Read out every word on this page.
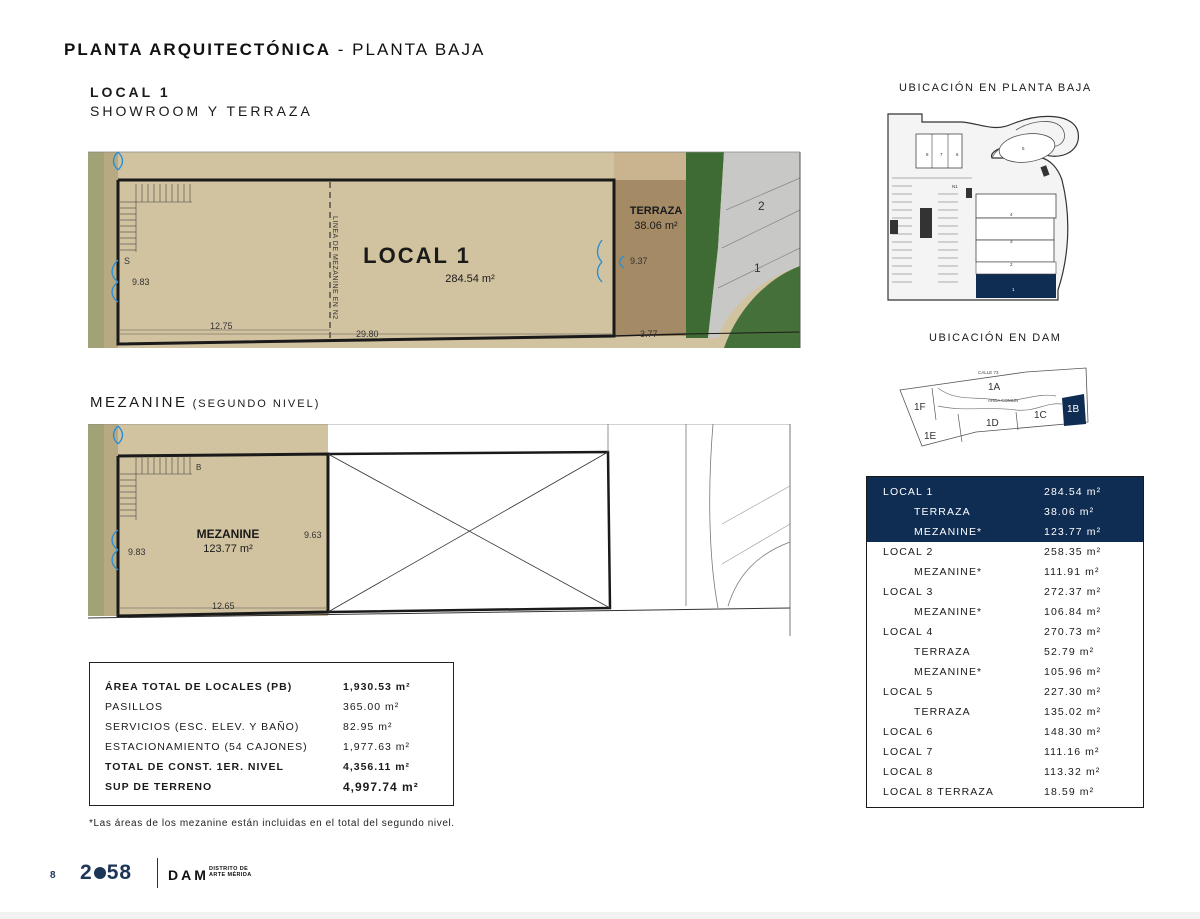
PLANTA ARQUITECTÓNICA - PLANTA BAJA
LOCAL 1
SHOWROOM Y TERRAZA
12.75
29.80	3.77
9.83
9.37
S	LOCAL 1
284.54 m²
TERRAZA
38.06 m²
LINEA DE MEZANINE EN N2
2
1
MEZANINE (SEGUNDO NIVEL)
B
MEZANINE
123.77 m²
9.83
9.63
12.65
ÁREA TOTAL DE LOCALES (PB)	1,930.53 m²
PASILLOS	365.00 m²
SERVICIOS (ESC. ELEV. Y BAÑO)	82.95 m²
ESTACIONAMIENTO (54 CAJONES)	1,977.63 m²
TOTAL DE CONST. 1ER. NIVEL	4,356.11 m²
SUP DE TERRENO	4,997.74 m²
*Las áreas de los mezanine están incluidas en el total del segundo nivel.
UBICACIÓN EN PLANTA BAJA
8	7	6
5
4
3
2
1
N1
UBICACIÓN EN DAM
1A
1F
1E
1D
1C
1B
CALLE 73
AREA COMUN
LOCAL 1	284.54 m²
TERRAZA	38.06 m²
MEZANINE*	123.77 m²
LOCAL 2	258.35 m²
MEZANINE*	111.91 m²
LOCAL 3	272.37 m²
MEZANINE*	106.84 m²
LOCAL 4	270.73 m²
TERRAZA	52.79 m²
MEZANINE*	105.96 m²
LOCAL 5	227.30 m²
TERRAZA	135.02 m²
LOCAL 6	148.30 m²
LOCAL 7	111.16 m²
LOCAL 8	113.32 m²
LOCAL 8 TERRAZA	18.59 m²
8 2 58	DAM DISTRITO DE
ARTE MÉRIDA
